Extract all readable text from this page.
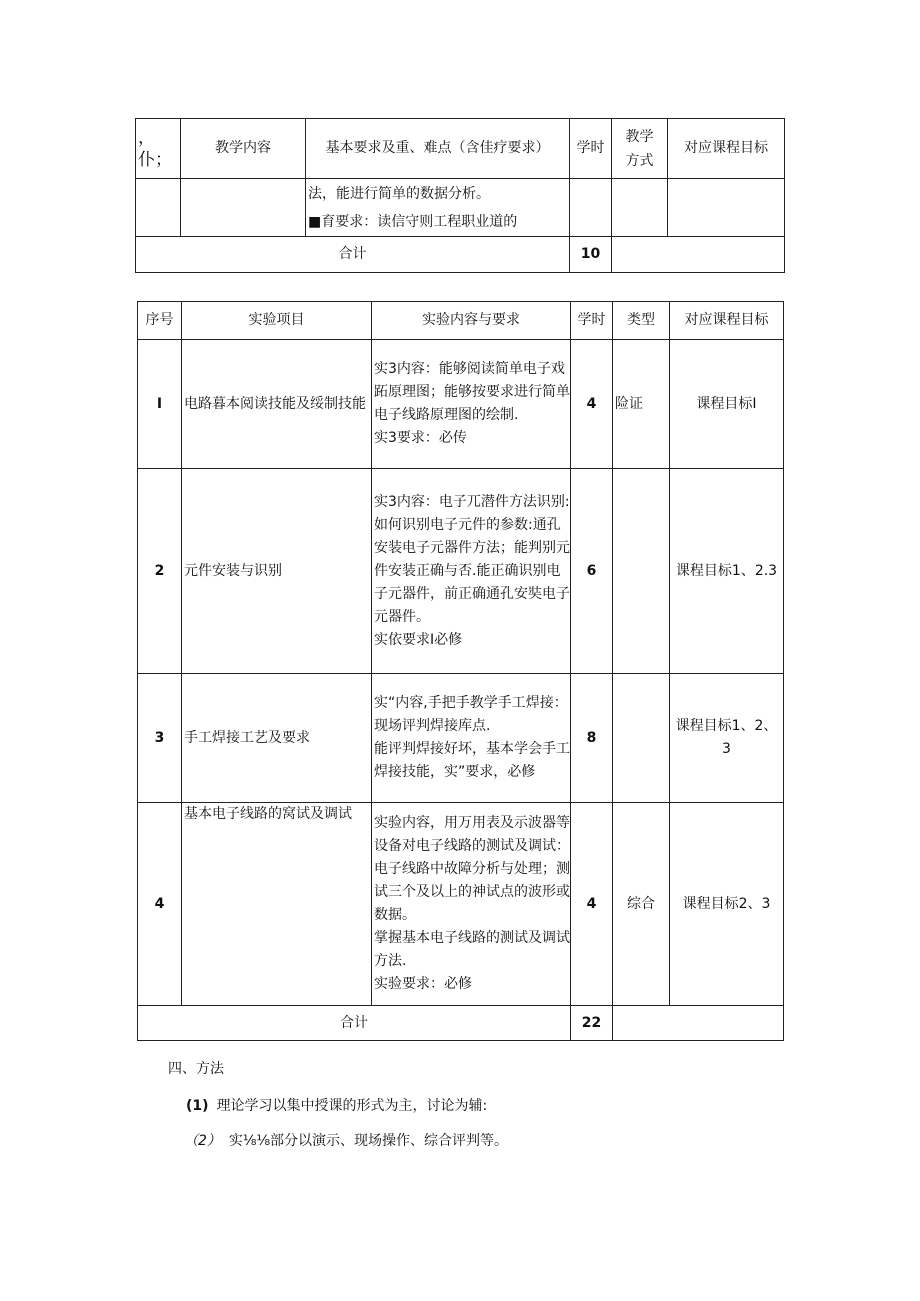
，
仆；	教学内容	基本要求及重、难点（含佳疗要求）	学时	教学
方式	对应课程目标
		法，能进行简单的数据分析。
■育要求：读信守则工程职业道的			
合计			10		
序号	实验项目	实验内容与要求	学时	类型	对应课程目标
I	电路暮本阅读技能及绥制技能	实3内容：能够阅读简单电子戏跖原理图；能够按要求进行简单电子线路原理图的绘制.
实3要求：必传	4	险证	课程目标I
2	元件安装与识别	实3内容：电子兀潜件方法识别:如何识别电子元件的参数:通孔安装电子元器件方法；能判别元件安装正确与否.能正确识别电子元器件，前正确通孔安奘电子元器件。
实依要求I必修	6		课程目标1、2.3
3	手工焊接工艺及要求	实“内容,手把手教学手工焊接：现场评判焊接库点.
能评判焊接好坏，基本学会手工焊接技能，实”要求，必修	8		课程目标1、2、
3
4	基本电子线路的窝试及调试	实验内容，用万用表及示波器等设备对电子线路的测试及调试：电子线路中故障分析与处理；测试三个及以上的神试点的波形或数据。
掌握基本电子线路的测试及调试方法.
实验要求：必修	4	综合	课程目标2、3
合计			22		
四、方法
(1) 理论学习以集中授课的形式为主，讨论为辅:
（2） 实⅛⅛部分以演示、现场操作、综合评判等。
